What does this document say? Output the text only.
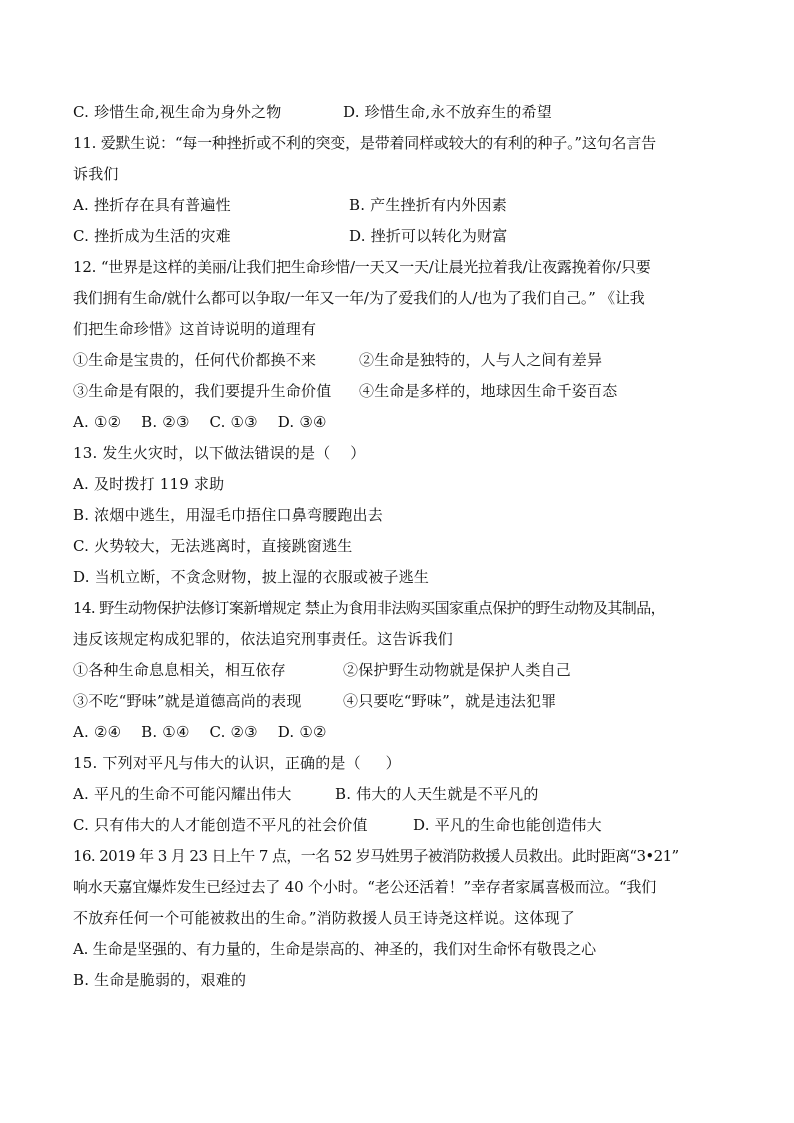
C. 珍惜生命,视生命为身外之物	D. 珍惜生命,永不放弃生的希望
11. 爱默生说：“每一种挫折或不利的突变，是带着同样或较大的有利的种子。”这句名言告
诉我们
A. 挫折存在具有普遍性	B. 产生挫折有内外因素
C. 挫折成为生活的灾难	D. 挫折可以转化为财富
12. “世界是这样的美丽/让我们把生命珍惜/一天又一天/让晨光拉着我/让夜露挽着你/只要
我们拥有生命/就什么都可以争取/一年又一年/为了爱我们的人/也为了我们自己。” 《让我
们把生命珍惜》这首诗说明的道理有
①生命是宝贵的，任何代价都换不来	②生命是独特的，人与人之间有差异
③生命是有限的，我们要提升生命价值 ④生命是多样的，地球因生命千姿百态
A. ①②    B. ②③    C. ①③    D. ③④
13. 发生火灾时，以下做法错误的是（    ）
A. 及时拨打 119 求助
B. 浓烟中逃生，用湿毛巾捂住口鼻弯腰跑出去
C. 火势较大，无法逃离时，直接跳窗逃生
D. 当机立断，不贪念财物，披上湿的衣服或被子逃生
14. 野生动物保护法修订案新增规定 禁止为食用非法购买国家重点保护的野生动物及其制品，
违反该规定构成犯罪的，依法追究刑事责任。这告诉我们
①各种生命息息相关，相互依存	②保护野生动物就是保护人类自己
③不吃“野味”就是道德高尚的表现	④只要吃“野味”，就是违法犯罪
A. ②④    B. ①④    C. ②③    D. ①②
15. 下列对平凡与伟大的认识，正确的是（     ）
A. 平凡的生命不可能闪耀出伟大	B. 伟大的人天生就是不平凡的
C. 只有伟大的人才能创造不平凡的社会价值	D. 平凡的生命也能创造伟大
16. 2019 年 3 月 23 日上午 7 点，一名 52 岁马姓男子被消防救援人员救出。此时距离“3•21”
响水天嘉宜爆炸发生已经过去了 40 个小时。“老公还活着！”幸存者家属喜极而泣。“我们
不放弃任何一个可能被救出的生命。”消防救援人员王诗尧这样说。这体现了
A. 生命是坚强的、有力量的，生命是崇高的、神圣的，我们对生命怀有敬畏之心
B. 生命是脆弱的，艰难的
